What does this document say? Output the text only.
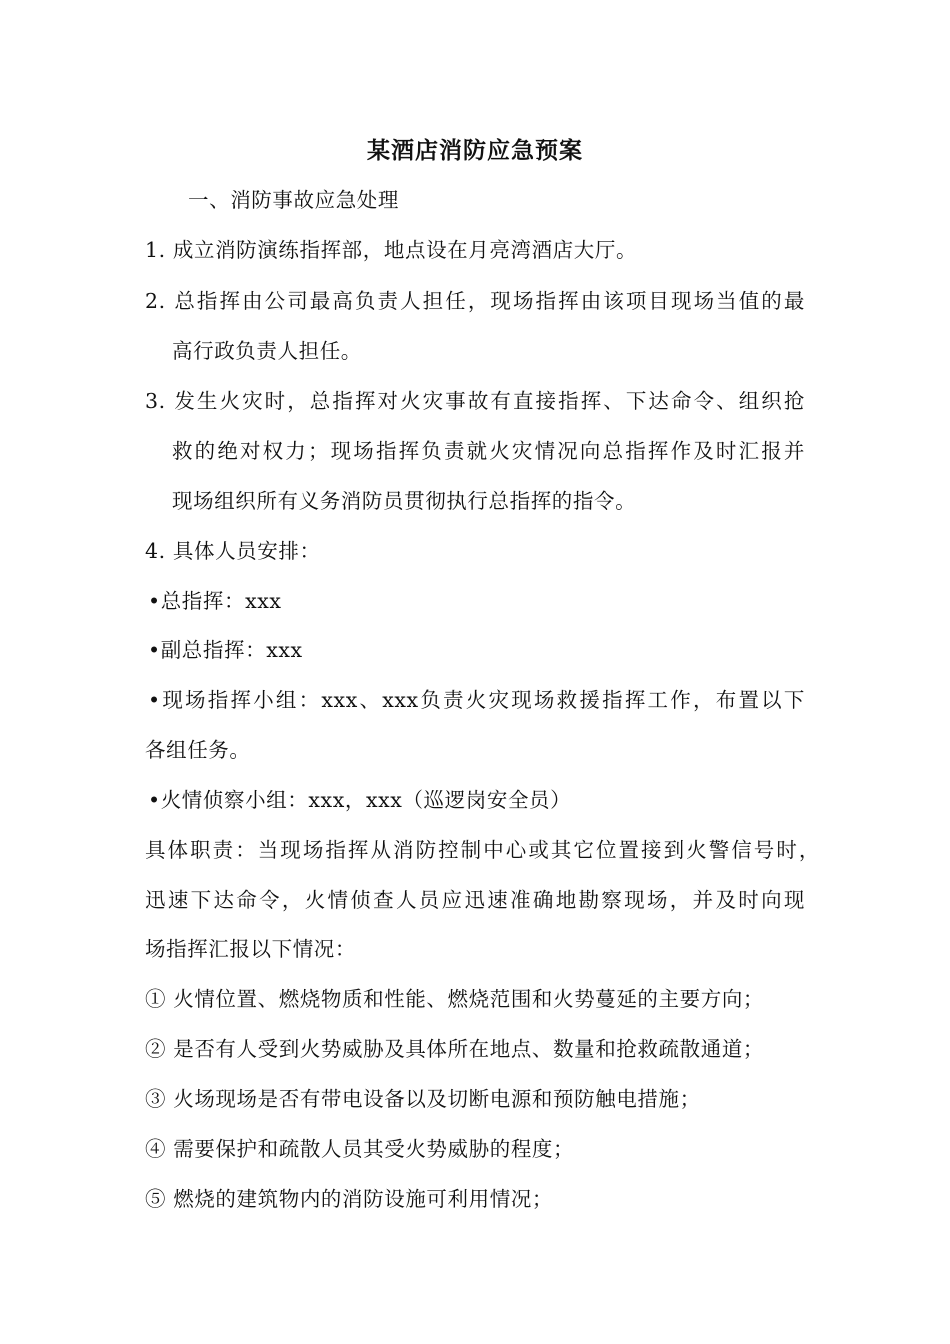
某酒店消防应急预案
一、消防事故应急处理
1. 成立消防演练指挥部，地点设在月亮湾酒店大厅。
2. 总指挥由公司最高负责人担任，现场指挥由该项目现场当值的最
高行政负责人担任。
3. 发生火灾时，总指挥对火灾事故有直接指挥、下达命令、组织抢
救的绝对权力；现场指挥负责就火灾情况向总指挥作及时汇报并
现场组织所有义务消防员贯彻执行总指挥的指令。
4. 具体人员安排：
•总指挥：xxx
•副总指挥：xxx
•现场指挥小组：xxx、xxx负责火灾现场救援指挥工作，布置以下
各组任务。
•火情侦察小组：xxx，xxx（巡逻岗安全员）
具体职责：当现场指挥从消防控制中心或其它位置接到火警信号时，
迅速下达命令，火情侦查人员应迅速准确地勘察现场，并及时向现
场指挥汇报以下情况：
① 火情位置、燃烧物质和性能、燃烧范围和火势蔓延的主要方向；
② 是否有人受到火势威胁及具体所在地点、数量和抢救疏散通道；
③ 火场现场是否有带电设备以及切断电源和预防触电措施；
④ 需要保护和疏散人员其受火势威胁的程度；
⑤ 燃烧的建筑物内的消防设施可利用情况；
